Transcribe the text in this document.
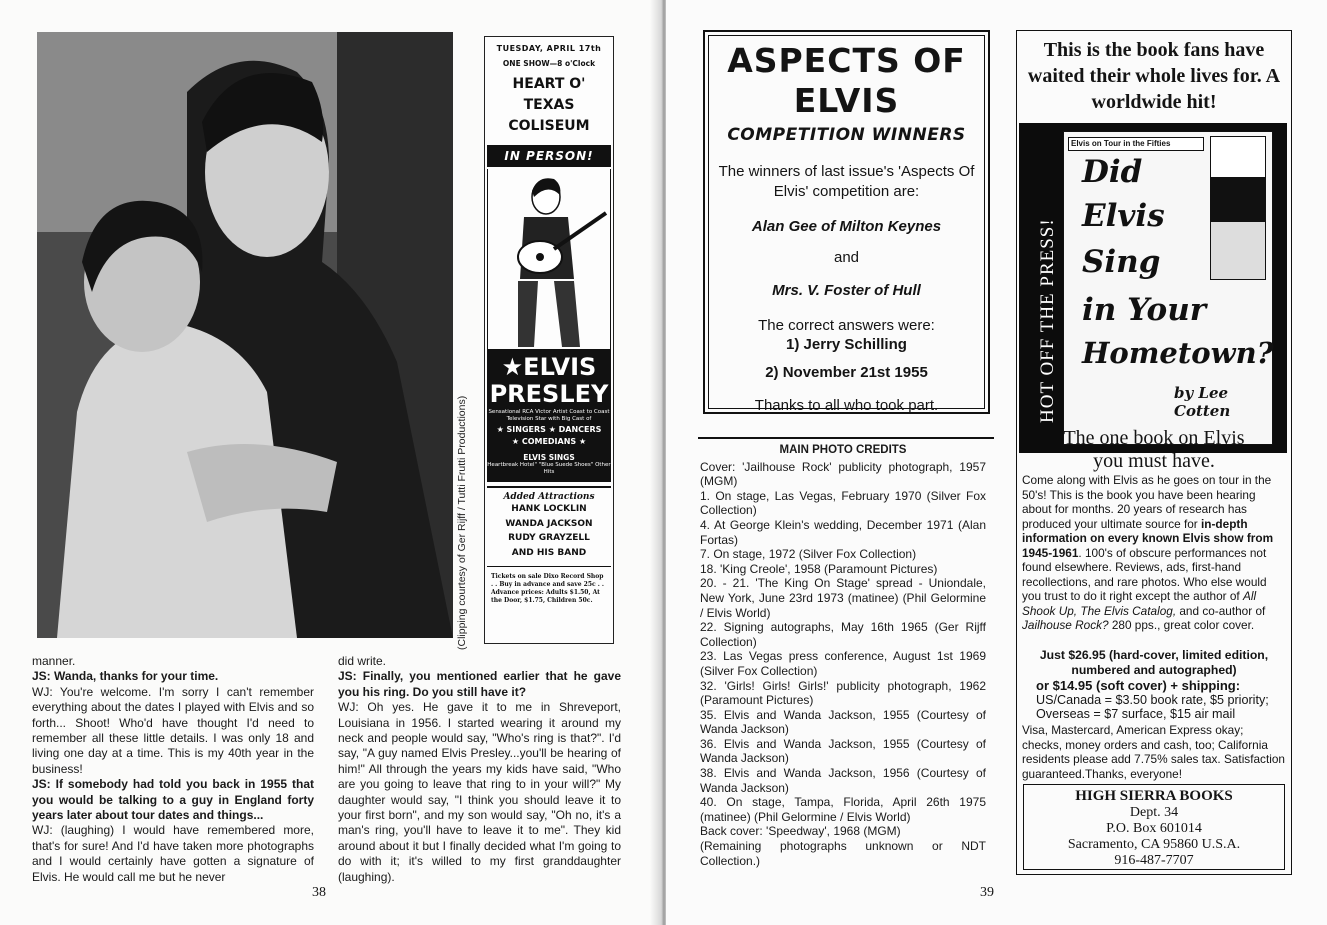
(Clipping courtesy of Ger Rijff / Tutti Frutti Productions)
TUESDAY, APRIL 17th
ONE SHOW—8 o'Clock
HEART O'
TEXAS
COLISEUM
IN PERSON!
★ELVIS
PRESLEY
Sensational RCA Victor Artist Coast to Coast Television Star with Big Cast of
★ SINGERS ★ DANCERS
★ COMEDIANS ★
ELVIS SINGS
Heartbreak Hotel" "Blue Suede Shoes" Other Hits
Added Attractions
HANK LOCKLIN
WANDA JACKSON
RUDY GRAYZELL
AND HIS BAND
Tickets on sale Dixo Record Shop . . Buy in advance and save 25c . . Advance prices: Adults $1.50, At the Door, $1.75, Children 50c.

manner.

JS: Wanda, thanks for your time.

WJ: You're welcome. I'm sorry I can't remember everything about the dates I played with Elvis and so forth... Shoot! Who'd have thought I'd need to remember all these little details. I was only 18 and living one day at a time. This is my 40th year in the business!

JS: If somebody had told you back in 1955 that you would be talking to a guy in England forty years later about tour dates and things...

WJ: (laughing) I would have remembered more, that's for sure! And I'd have taken more photographs and I would certainly have gotten a signature of Elvis. He would call me but he never

did write.

JS: Finally, you mentioned earlier that he gave you his ring. Do you still have it?

WJ: Oh yes. He gave it to me in Shreveport, Louisiana in 1956. I started wearing it around my neck and people would say, "Who's ring is that?". I'd say, "A guy named Elvis Presley...you'll be hearing of him!" All through the years my kids have said, "Who are you going to leave that ring to in your will?" My daughter would say, "I think you should leave it to your first born", and my son would say, "Oh no, it's a man's ring, you'll have to leave it to me". They kid around about it but I finally decided what I'm going to do with it; it's willed to my first granddaughter (laughing).

38
ASPECTS OF
ELVIS
COMPETITION WINNERS
The winners of last issue's 'Aspects Of Elvis' competition are:
Alan Gee of Milton Keynes
and
Mrs. V. Foster of Hull
The correct answers were:
1) Jerry Schilling
2) November 21st 1955
Thanks to all who took part.
MAIN PHOTO CREDITS
Cover: 'Jailhouse Rock' publicity photograph, 1957 (MGM)
1. On stage, Las Vegas, February 1970 (Silver Fox Collection)
4. At George Klein's wedding, December 1971 (Alan Fortas)
7. On stage, 1972 (Silver Fox Collection)
18. 'King Creole', 1958 (Paramount Pictures)
20. - 21. 'The King On Stage' spread - Uniondale, New York, June 23rd 1973 (matinee) (Phil Gelormine / Elvis World)
22. Signing autographs, May 16th 1965 (Ger Rijff Collection)
23. Las Vegas press conference, August 1st 1969 (Silver Fox Collection)
32. 'Girls! Girls! Girls!' publicity photograph, 1962 (Paramount Pictures)
35. Elvis and Wanda Jackson, 1955 (Courtesy of Wanda Jackson)
36. Elvis and Wanda Jackson, 1955 (Courtesy of Wanda Jackson)
38. Elvis and Wanda Jackson, 1956 (Courtesy of Wanda Jackson)
40. On stage, Tampa, Florida, April 26th 1975 (matinee) (Phil Gelormine / Elvis World)
Back cover: 'Speedway', 1968 (MGM)
(Remaining photographs unknown or NDT Collection.)
This is the book fans have waited their whole lives for. A worldwide hit!
HOT OFF THE PRESS!
Elvis on Tour in the Fifties
Did
Elvis
Sing
in Your
Hometown?
by Lee Cotten
The one book on Elvis you must have.
Come along with Elvis as he goes on tour in the 50's! This is the book you have been hearing about for months. 20 years of research has produced your ultimate source for in-depth information on every known Elvis show from 1945-1961. 100's of obscure performances not found elsewhere. Reviews, ads, first-hand recollections, and rare photos. Who else would you trust to do it right except the author of All Shook Up, The Elvis Catalog, and co-author of Jailhouse Rock? 280 pps., great color cover.
Just $26.95 (hard-cover, limited edition, numbered and autographed)
or $14.95 (soft cover) + shipping:
US/Canada = $3.50 book rate, $5 priority;
Overseas = $7 surface, $15 air mail
Visa, Mastercard, American Express okay; checks, money orders and cash, too; California residents please add 7.75% sales tax. Satisfaction guaranteed.Thanks, everyone!
HIGH SIERRA BOOKS
Dept. 34
P.O. Box 601014
Sacramento, CA 95860 U.S.A.
916-487-7707
39
